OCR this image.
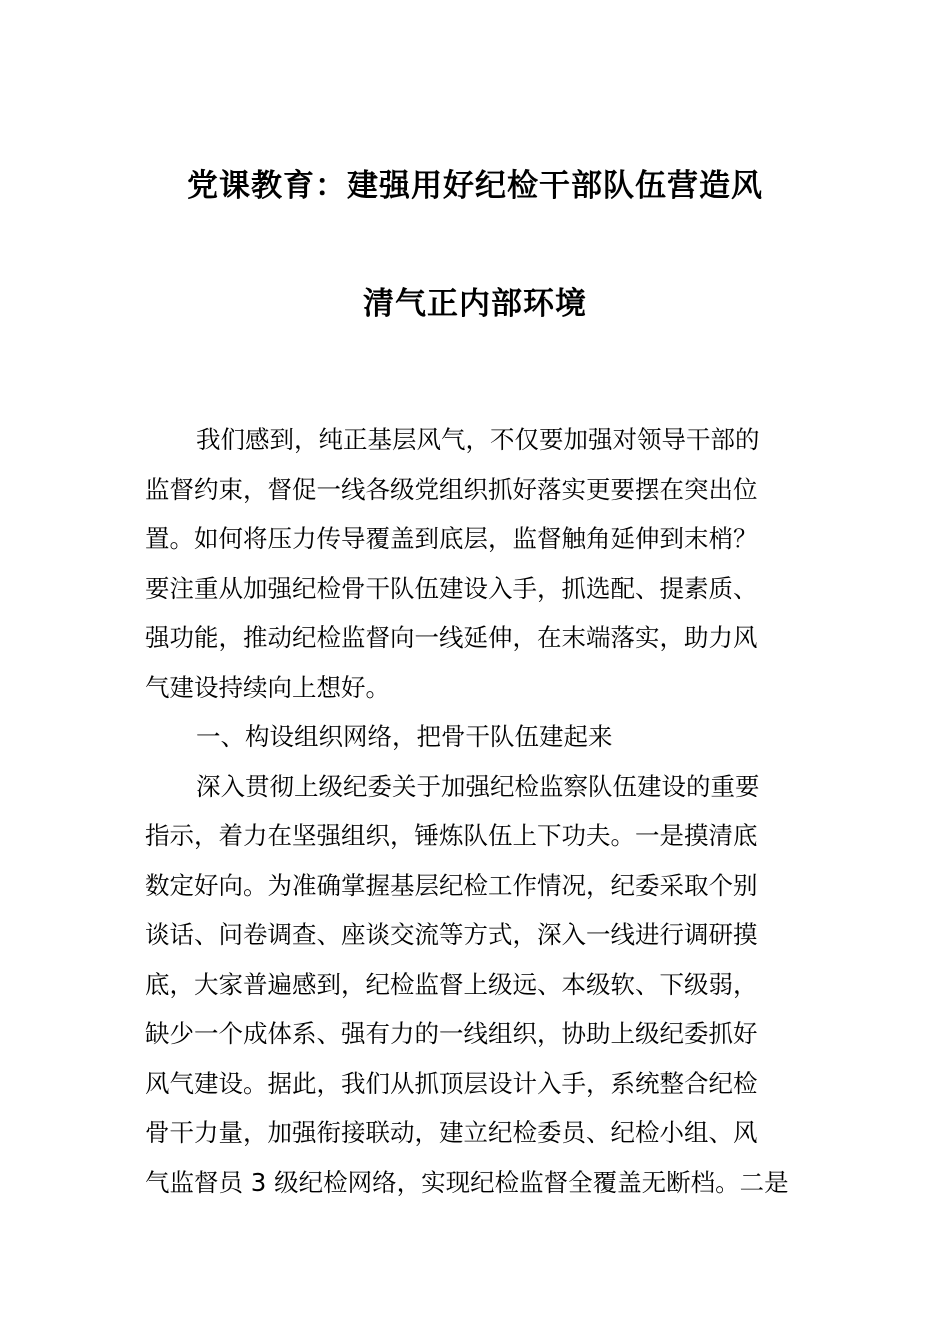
党课教育：建强用好纪检干部队伍营造风
清气正内部环境
我们感到，纯正基层风气，不仅要加强对领导干部的
监督约束，督促一线各级党组织抓好落实更要摆在突出位
置。如何将压力传导覆盖到底层，监督触角延伸到末梢？
要注重从加强纪检骨干队伍建设入手，抓选配、提素质、
强功能，推动纪检监督向一线延伸，在末端落实，助力风
气建设持续向上想好。
一、构设组织网络，把骨干队伍建起来
深入贯彻上级纪委关于加强纪检监察队伍建设的重要
指示，着力在坚强组织，锤炼队伍上下功夫。一是摸清底
数定好向。为准确掌握基层纪检工作情况，纪委采取个别
谈话、问卷调查、座谈交流等方式，深入一线进行调研摸
底，大家普遍感到，纪检监督上级远、本级软、下级弱，
缺少一个成体系、强有力的一线组织，协助上级纪委抓好
风气建设。据此，我们从抓顶层设计入手，系统整合纪检
骨干力量，加强衔接联动，建立纪检委员、纪检小组、风
气监督员 3 级纪检网络，实现纪检监督全覆盖无断档。二是
